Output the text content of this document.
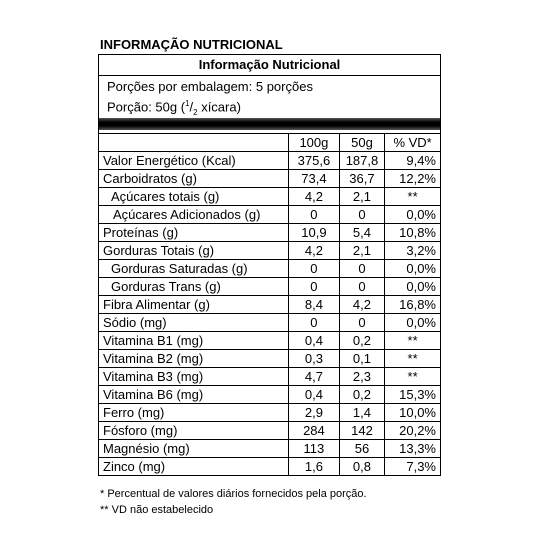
INFORMAÇÃO NUTRICIONAL
Informação Nutricional
Porções por embalagem: 5 porções
Porção: 50g ($^1/_2$ xícara)
	100g	50g	% VD*
Valor Energético (Kcal)	375,6	187,8	9,4%
Carboidratos (g)	73,4	36,7	12,2%
Açúcares totais (g)	4,2	2,1	**
Açúcares Adicionados (g)	0	0	0,0%
Proteínas (g)	10,9	5,4	10,8%
Gorduras Totais (g)	4,2	2,1	3,2%
Gorduras Saturadas (g)	0	0	0,0%
Gorduras Trans (g)	0	0	0,0%
Fibra Alimentar (g)	8,4	4,2	16,8%
Sódio (mg)	0	0	0,0%
Vitamina B1 (mg)	0,4	0,2	**
Vitamina B2 (mg)	0,3	0,1	**
Vitamina B3 (mg)	4,7	2,3	**
Vitamina B6 (mg)	0,4	0,2	15,3%
Ferro (mg)	2,9	1,4	10,0%
Fósforo (mg)	284	142	20,2%
Magnésio (mg)	113	56	13,3%
Zinco (mg)	1,6	0,8	7,3%
* Percentual de valores diários fornecidos pela porção.
** VD não estabelecido
